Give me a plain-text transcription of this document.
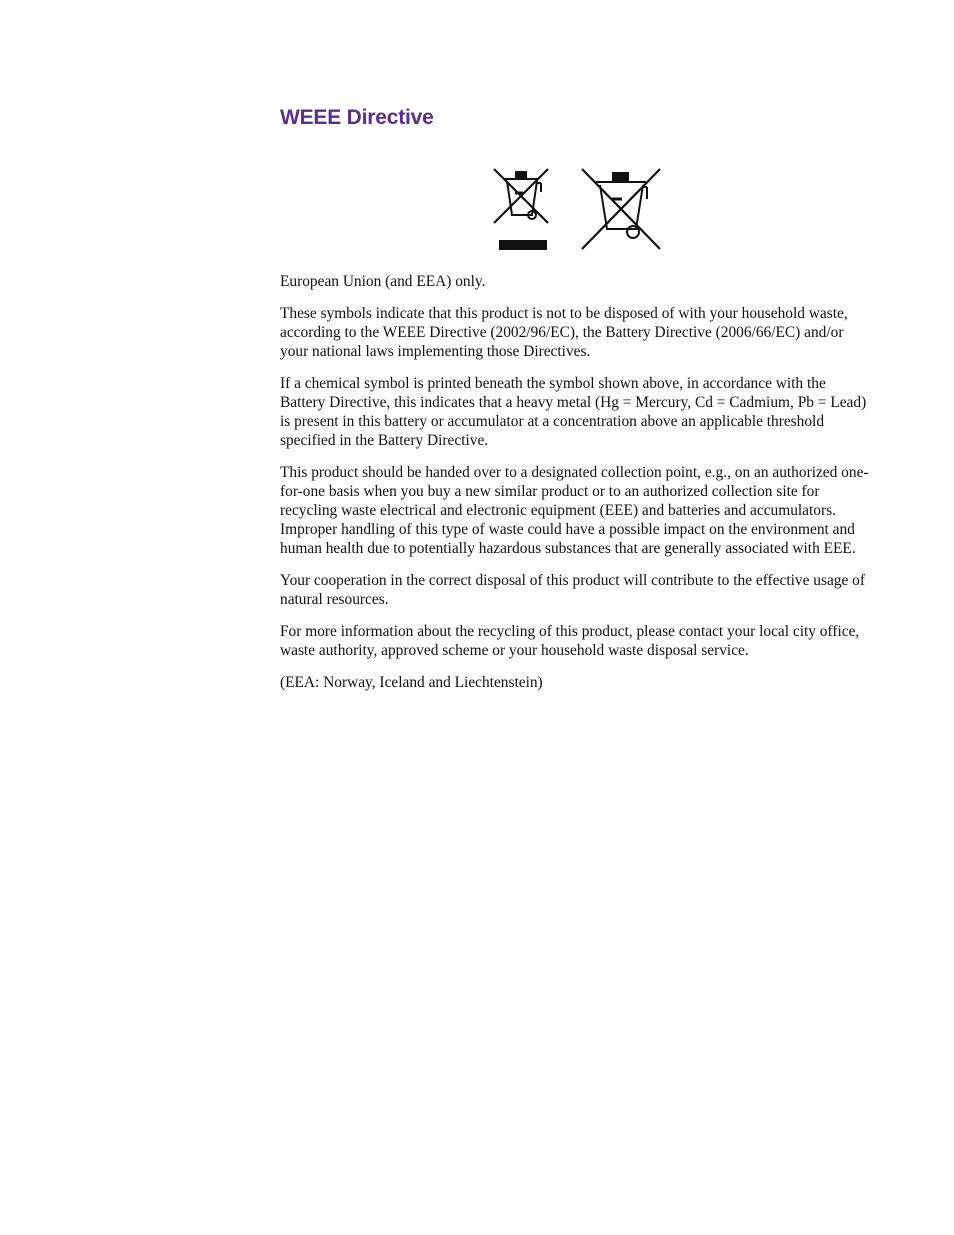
WEEE Directive

European Union (and EEA) only.

These symbols indicate that this product is not to be disposed of with your household waste, according to the WEEE Directive (2002/96/EC), the Battery Directive (2006/66/EC) and/or your national laws implementing those Directives.

If a chemical symbol is printed beneath the symbol shown above, in accordance with the Battery Directive, this indicates that a heavy metal (Hg = Mercury, Cd = Cadmium, Pb = Lead) is present in this battery or accumulator at a concentration above an applicable threshold specified in the Battery Directive.

This product should be handed over to a designated collection point, e.g., on an authorized one-for-one basis when you buy a new similar product or to an authorized collection site for recycling waste electrical and electronic equipment (EEE) and batteries and accumulators. Improper handling of this type of waste could have a possible impact on the environment and human health due to potentially hazardous substances that are generally associated with EEE.

Your cooperation in the correct disposal of this product will contribute to the effective usage of natural resources.

For more information about the recycling of this product, please contact your local city office, waste authority, approved scheme or your household waste disposal service.

(EEA: Norway, Iceland and Liechtenstein)
